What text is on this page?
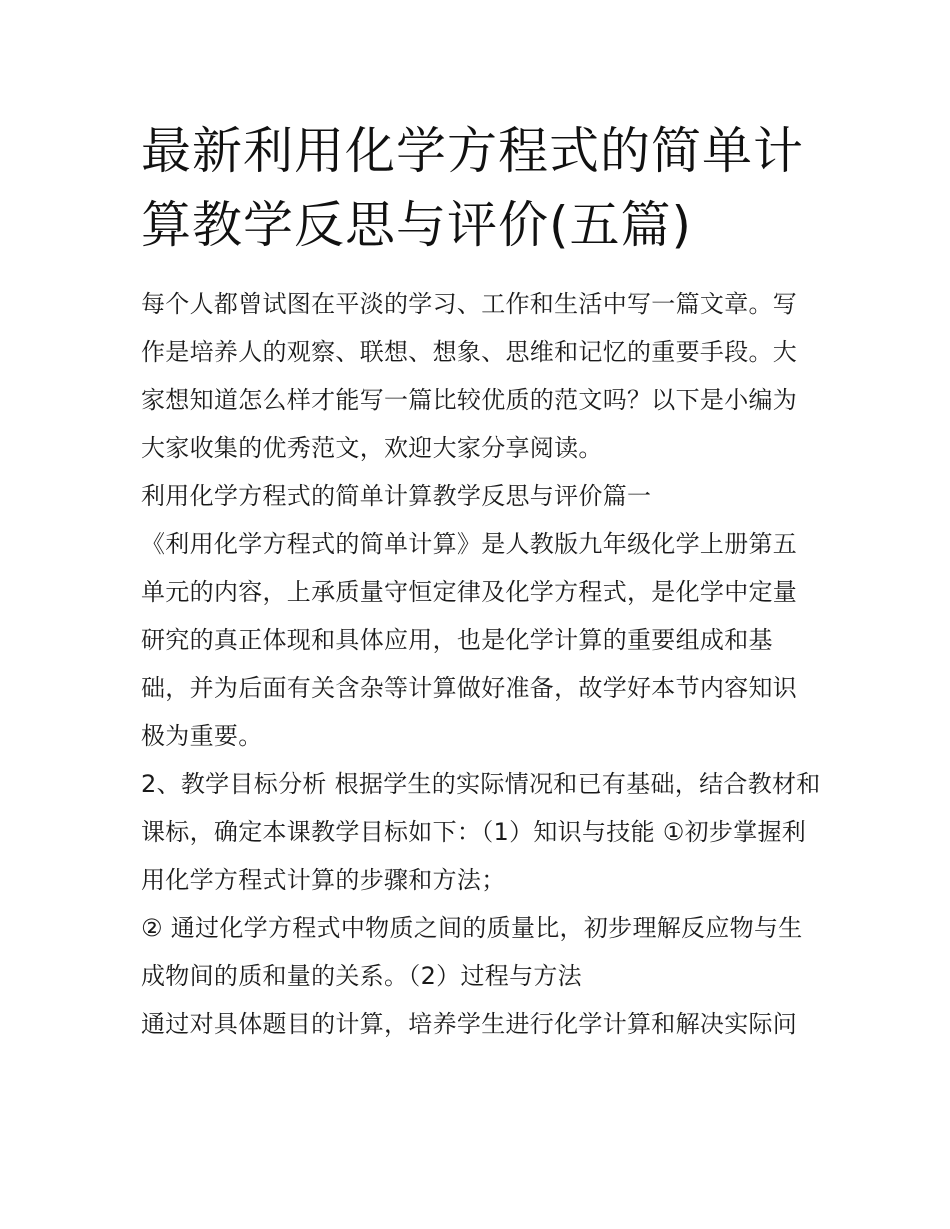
最新利用化学方程式的简单计算教学反思与评价(五篇)

每个人都曾试图在平淡的学习、工作和生活中写一篇文章。写作是培养人的观察、联想、想象、思维和记忆的重要手段。大家想知道怎么样才能写一篇比较优质的范文吗？以下是小编为大家收集的优秀范文，欢迎大家分享阅读。

利用化学方程式的简单计算教学反思与评价篇一

《利用化学方程式的简单计算》是人教版九年级化学上册第五单元的内容，上承质量守恒定律及化学方程式，是化学中定量研究的真正体现和具体应用，也是化学计算的重要组成和基础，并为后面有关含杂等计算做好准备，故学好本节内容知识极为重要。

2、教学目标分析 根据学生的实际情况和已有基础，结合教材和课标，确定本课教学目标如下：（1）知识与技能 ①初步掌握利用化学方程式计算的步骤和方法；

② 通过化学方程式中物质之间的质量比，初步理解反应物与生成物间的质和量的关系。（2）过程与方法

通过对具体题目的计算，培养学生进行化学计算和解决实际问
